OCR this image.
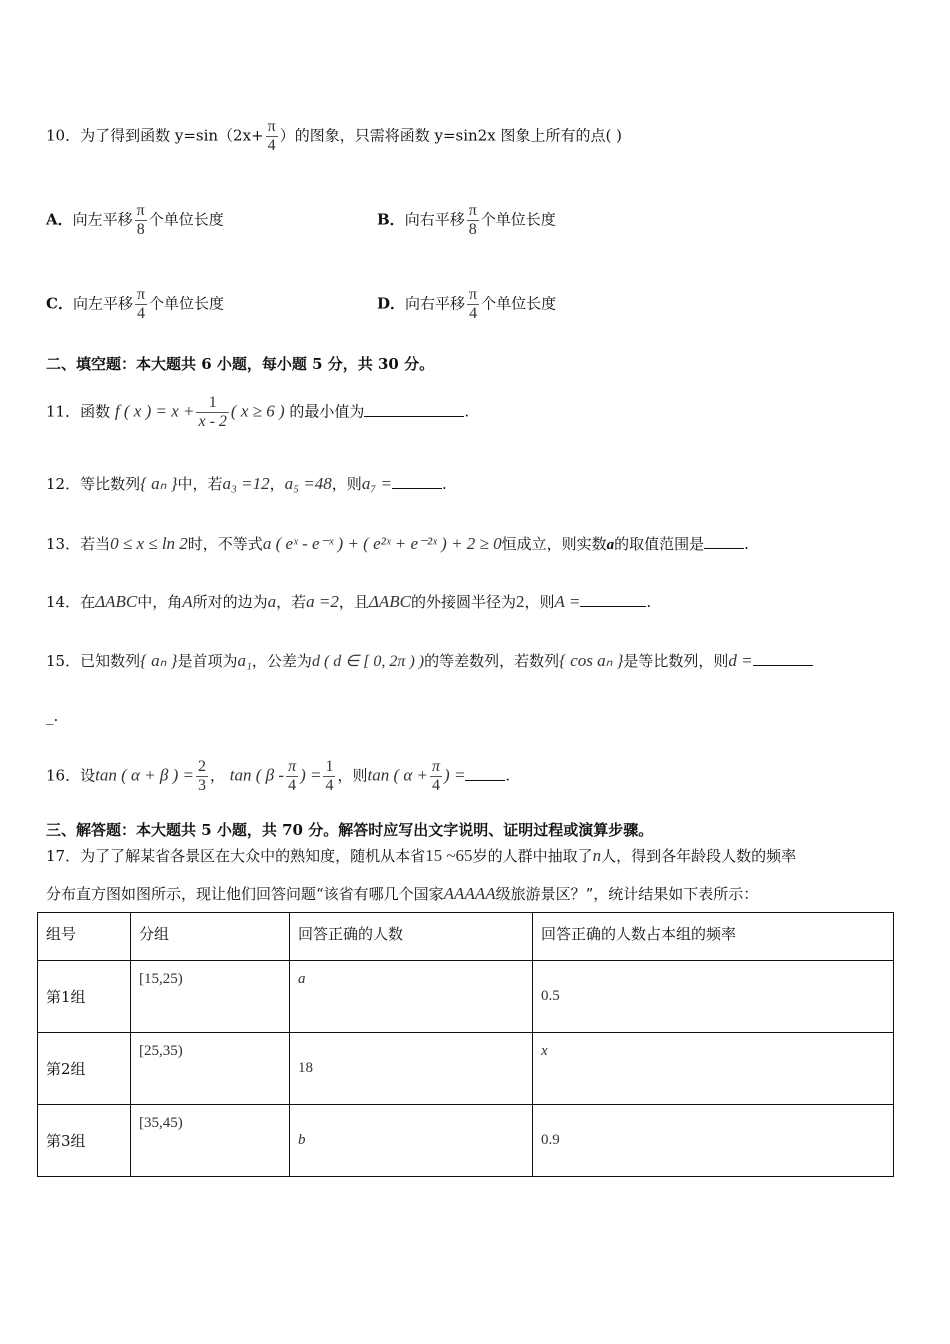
10．为了得到函数 $y=\sin(2x+ \frac{\pi}{4}$ ）的图象，只需将函数 y=sin2x 图象上所有的点( )
A．向左平移 $\frac{\pi}{8}$ 个单位长度	B．向右平移 $\frac{\pi}{8}$ 个单位长度
C．向左平移 $\frac{\pi}{4}$ 个单位长度	D．向右平移 $\frac{\pi}{4}$ 个单位长度
二、填空题：本大题共 6 小题，每小题 5 分，共 30 分。
11．函数 f ( x ) = $x + \frac{1}{x - 2}$ ( x ≥ 6 ) 的最小值为	.
12．等比数列{ aₙ }中，若a₃ =12，a₅ =48，则a₇ =	.
13．若当0 ≤ x ≤ ln 2时，不等式a ( eˣ - e⁻ˣ ) + ( e²ˣ + e⁻²ˣ ) + 2 ≥ 0恒成立，则实数a的取值范围是	.
14．在ΔABC中，角A所对的边为a，若a =2，且ΔABC的外接圆半径为2，则A =	.
15．已知数列{ aₙ }是首项为a₁，公差为d ( d ∈ [ 0, 2π ) )的等差数列，若数列{ cos aₙ }是等比数列，则d =
_.
16．设tan ( α + β ) = $\frac{2}{3}$ ， tan ( β - $\frac{\pi}{4}$ ) = $\frac{1}{4}$ ，则tan ( $\alpha + \frac{\pi}{4}$ ) =	.
三、解答题：本大题共 5 小题，共 70 分。解答时应写出文字说明、证明过程或演算步骤。
17．为了了解某省各景区在大众中的熟知度，随机从本省15 ~65岁的人群中抽取了n人，得到各年龄段人数的频率
分布直方图如图所示，现让他们回答问题“该省有哪几个国家AAAAA级旅游景区？”，统计结果如下表所示：
组号	分组	回答正确的人数	回答正确的人数占本组的频率
第1组	[15,25)	a	0.5
第2组	[25,35)	18	x
第3组	[35,45)	b	0.9
